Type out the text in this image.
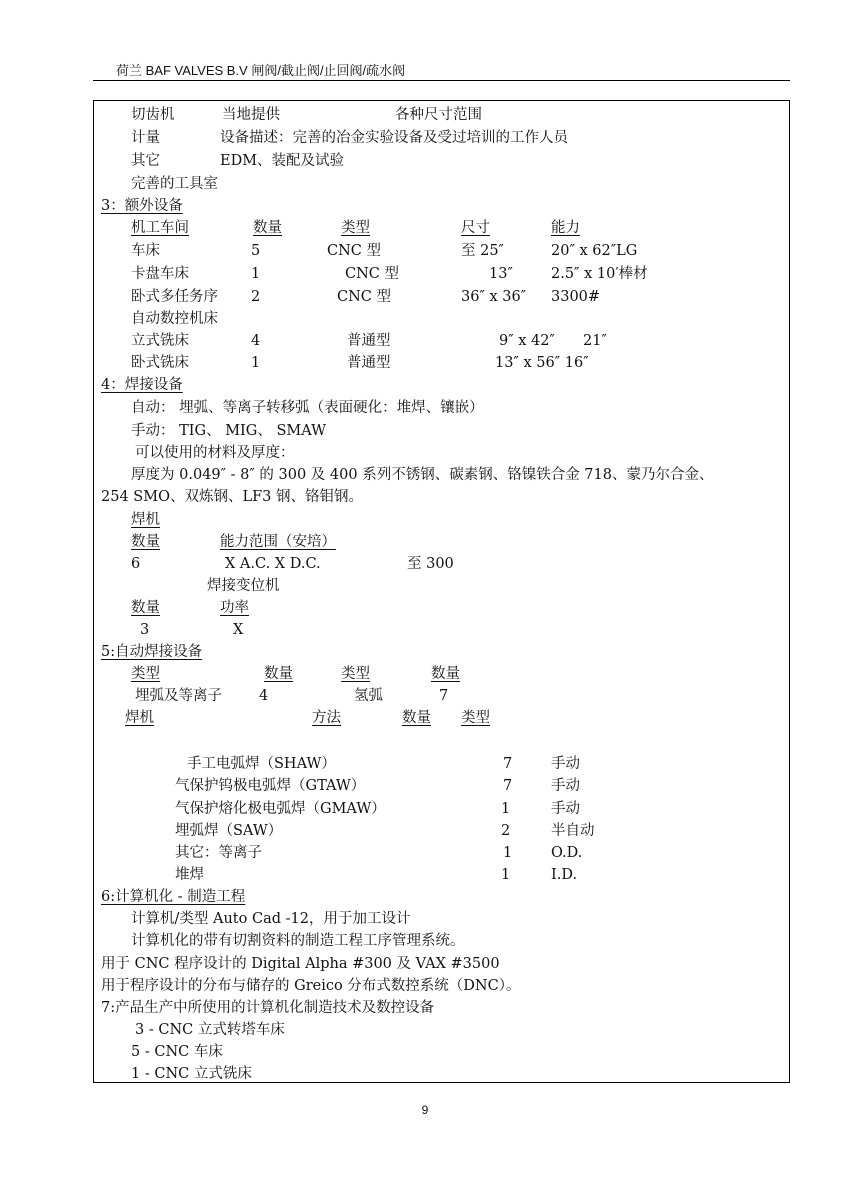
荷兰 BAF VALVES B.V 闸阀/截止阀/止回阀/疏水阀
切齿机	当地提供	各种尺寸范围
计量	设备描述：完善的冶金实验设备及受过培训的工作人员
其它	EDM、装配及试验
完善的工具室
3：额外设备
机工车间	数量	类型	尺寸	能力
车床	5	CNC 型	至 25″	20″ x 62″LG
卡盘车床	1	CNC 型	13″	2.5″ x 10′棒材
卧式多任务序 2	CNC 型	36″ x 36″ 3300#
自动数控机床
立式铣床	4	普通型	9″ x 42″ 21″
卧式铣床	1	普通型	13″ x 56″ 16″
4：焊接设备
自动： 埋弧、等离子转移弧（表面硬化：堆焊、镶嵌）
手动： TIG、 MIG、 SMAW
可以使用的材料及厚度：
厚度为 0.049″ - 8″ 的 300 及 400 系列不锈钢、碳素钢、铬镍铁合金 718、蒙乃尔合金、
254 SMO、双炼钢、LF3 钢、铬钼钢。
焊机
数量	能力范围（安培）
6	X A.C. X D.C.	至 300
焊接变位机
数量	功率
3	X
5:自动焊接设备
类型	数量	类型	数量
埋弧及等离子	4	氢弧	7
焊机	方法	数量 类型
手工电弧焊（SHAW）	7	手动
气保护钨极电弧焊（GTAW）	7	手动
气保护熔化极电弧焊（GMAW）	1	手动
埋弧焊（SAW）	2	半自动
其它：等离子	1	O.D.
堆焊	1	I.D.
6:计算机化 - 制造工程
计算机/类型 Auto Cad -12，用于加工设计
计算机化的带有切割资料的制造工程工序管理系统。
用于 CNC 程序设计的 Digital Alpha #300 及 VAX #3500
用于程序设计的分布与储存的 Greico 分布式数控系统（DNC）。
7:产品生产中所使用的计算机化制造技术及数控设备
3 - CNC 立式转塔车床
5 - CNC 车床
1 - CNC 立式铣床
9
